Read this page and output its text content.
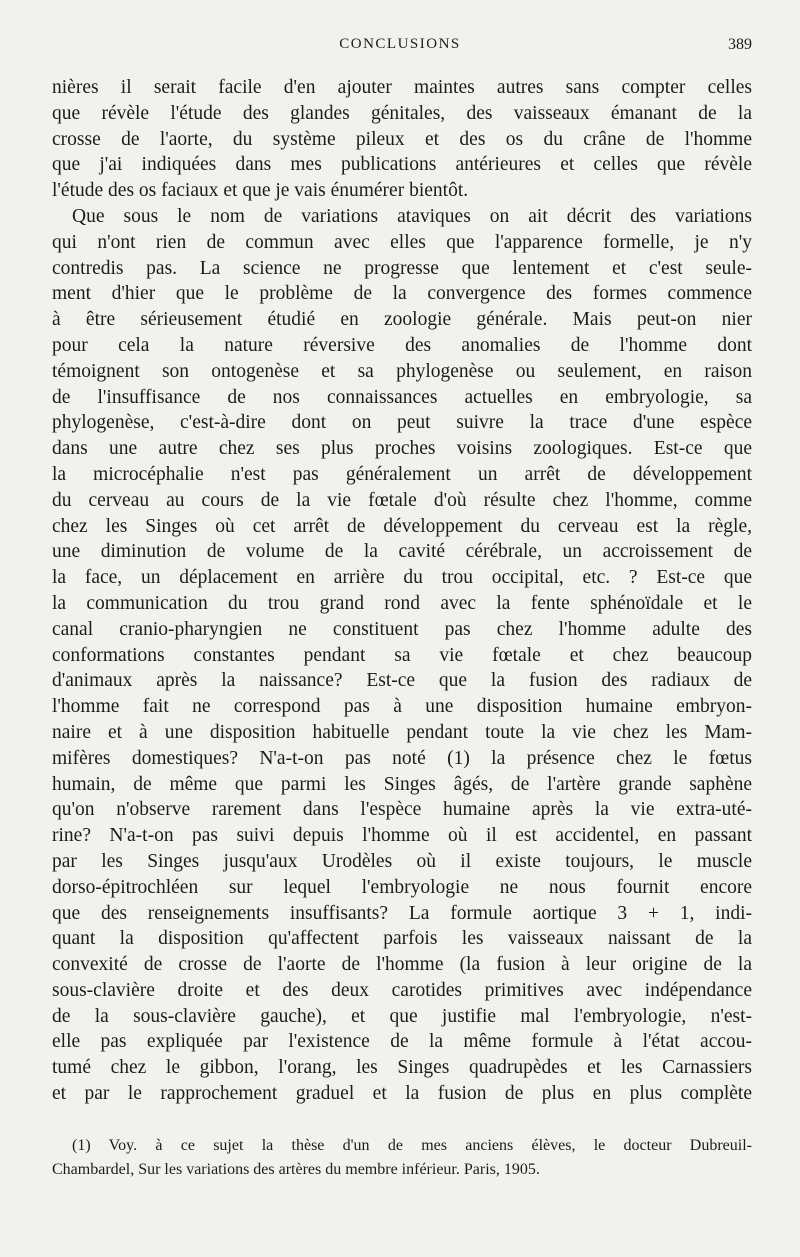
CONCLUSIONS	389
nières il serait facile d'en ajouter maintes autres sans compter celles
que révèle l'étude des glandes génitales, des vaisseaux émanant de la
crosse de l'aorte, du système pileux et des os du crâne de l'homme
que j'ai indiquées dans mes publications antérieures et celles que révèle
l'étude des os faciaux et que je vais énumérer bientôt.
Que sous le nom de variations ataviques on ait décrit des variations
qui n'ont rien de commun avec elles que l'apparence formelle, je n'y
contredis pas. La science ne progresse que lentement et c'est seule-
ment d'hier que le problème de la convergence des formes commence
à être sérieusement étudié en zoologie générale. Mais peut-on nier
pour cela la nature réversive des anomalies de l'homme dont
témoignent son ontogenèse et sa phylogenèse ou seulement, en raison
de l'insuffisance de nos connaissances actuelles en embryologie, sa
phylogenèse, c'est-à-dire dont on peut suivre la trace d'une espèce
dans une autre chez ses plus proches voisins zoologiques. Est-ce que
la microcéphalie n'est pas généralement un arrêt de développement
du cerveau au cours de la vie fœtale d'où résulte chez l'homme, comme
chez les Singes où cet arrêt de développement du cerveau est la règle,
une diminution de volume de la cavité cérébrale, un accroissement de
la face, un déplacement en arrière du trou occipital, etc. ? Est-ce que
la communication du trou grand rond avec la fente sphénoïdale et le
canal cranio-pharyngien ne constituent pas chez l'homme adulte des
conformations constantes pendant sa vie fœtale et chez beaucoup
d'animaux après la naissance? Est-ce que la fusion des radiaux de
l'homme fait ne correspond pas à une disposition humaine embryon-
naire et à une disposition habituelle pendant toute la vie chez les Mam-
mifères domestiques? N'a-t-on pas noté (1) la présence chez le fœtus
humain, de même que parmi les Singes âgés, de l'artère grande saphène
qu'on n'observe rarement dans l'espèce humaine après la vie extra-uté-
rine? N'a-t-on pas suivi depuis l'homme où il est accidentel, en passant
par les Singes jusqu'aux Urodèles où il existe toujours, le muscle
dorso-épitrochléen sur lequel l'embryologie ne nous fournit encore
que des renseignements insuffisants? La formule aortique 3 + 1, indi-
quant la disposition qu'affectent parfois les vaisseaux naissant de la
convexité de crosse de l'aorte de l'homme (la fusion à leur origine de la
sous-clavière droite et des deux carotides primitives avec indépendance
de la sous-clavière gauche), et que justifie mal l'embryologie, n'est-
elle pas expliquée par l'existence de la même formule à l'état accou-
tumé chez le gibbon, l'orang, les Singes quadrupèdes et les Carnassiers
et par le rapprochement graduel et la fusion de plus en plus complète
(1) Voy. à ce sujet la thèse d'un de mes anciens élèves, le docteur Dubreuil-
Chambardel, Sur les variations des artères du membre inférieur. Paris, 1905.
